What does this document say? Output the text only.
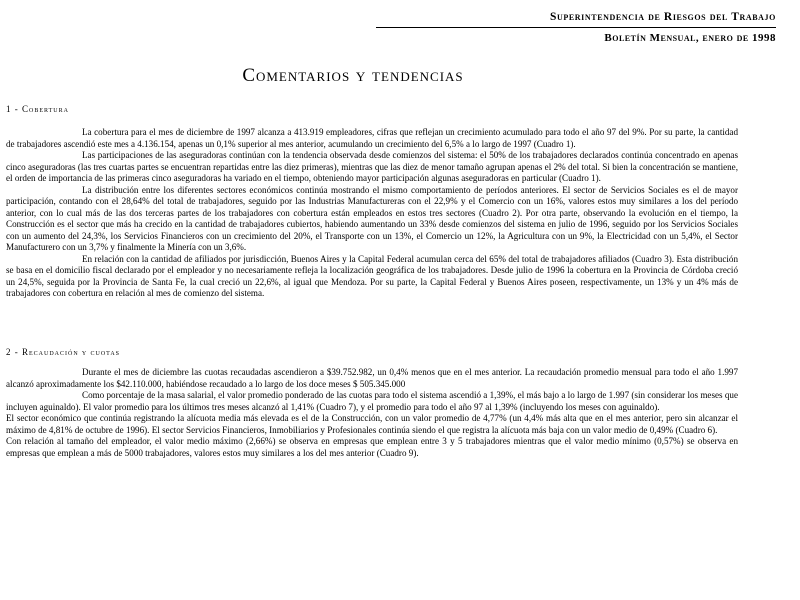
Superintendencia de Riesgos del Trabajo
Boletín Mensual, enero de 1998
Comentarios y tendencias
1 - Cobertura

La cobertura para el mes de diciembre de 1997 alcanza a 413.919 empleadores, cifras que reflejan un crecimiento acumulado para todo el año 97 del 9%. Por su parte, la cantidad de trabajadores ascendió este mes a 4.136.154, apenas un 0,1% superior al mes anterior, acumulando un crecimiento del 6,5% a lo largo de 1997 (Cuadro 1).

Las participaciones de las aseguradoras continúan con la tendencia observada desde comienzos del sistema: el 50% de los trabajadores declarados continúa concentrado en apenas cinco aseguradoras (las tres cuartas partes se encuentran repartidas entre las diez primeras), mientras que las diez de menor tamaño agrupan apenas el 2% del total. Si bien la concentración se mantiene, el orden de importancia de las primeras cinco aseguradoras ha variado en el tiempo, obteniendo mayor participación algunas aseguradoras en particular (Cuadro 1).

La distribución entre los diferentes sectores económicos continúa mostrando el mismo comportamiento de períodos anteriores. El sector de Servicios Sociales es el de mayor participación, contando con el 28,64% del total de trabajadores, seguido por las Industrias Manufactureras con el 22,9% y el Comercio con un 16%, valores estos muy similares a los del período anterior, con lo cual más de las dos terceras partes de los trabajadores con cobertura están empleados en estos tres sectores (Cuadro 2). Por otra parte, observando la evolución en el tiempo, la Construcción es el sector que más ha crecido en la cantidad de trabajadores cubiertos, habiendo aumentando un 33% desde comienzos del sistema en julio de 1996, seguido por los Servicios Sociales con un aumento del 24,3%, los Servicios Financieros con un crecimiento del 20%, el Transporte con un 13%, el Comercio un 12%, la Agricultura con un 9%, la Electricidad con un 5,4%, el Sector Manufacturero con un 3,7% y finalmente la Minería con un 3,6%.

En relación con la cantidad de afiliados por jurisdicción, Buenos Aires y la Capital Federal acumulan cerca del 65% del total de trabajadores afiliados (Cuadro 3). Esta distribución se basa en el domicilio fiscal declarado por el empleador y no necesariamente refleja la localización geográfica de los trabajadores. Desde julio de 1996 la cobertura en la Provincia de Córdoba creció un 24,5%, seguida por la Provincia de Santa Fe, la cual creció un 22,6%, al igual que Mendoza. Por su parte, la Capital Federal y Buenos Aires poseen, respectivamente, un 13% y un 4% más de trabajadores con cobertura en relación al mes de comienzo del sistema.

2 - Recaudación y cuotas

Durante el mes de diciembre las cuotas recaudadas ascendieron a $39.752.982, un 0,4% menos que en el mes anterior. La recaudación promedio mensual para todo el año 1.997 alcanzó aproximadamente los $42.110.000, habiéndose recaudado a lo largo de los doce meses $ 505.345.000

Como porcentaje de la masa salarial, el valor promedio ponderado de las cuotas para todo el sistema ascendió a 1,39%, el más bajo a lo largo de 1.997 (sin considerar los meses que incluyen aguinaldo). El valor promedio para los últimos tres meses alcanzó al 1,41% (Cuadro 7), y el promedio para todo el año 97 al 1,39% (incluyendo los meses con aguinaldo).

El sector económico que continúa registrando la alícuota media más elevada es el de la Construcción, con un valor promedio de 4,77% (un 4,4% más alta que en el mes anterior, pero sin alcanzar el máximo de 4,81% de octubre de 1996). El sector Servicios Financieros, Inmobiliarios y Profesionales continúa siendo el que registra la alícuota más baja con un valor medio de 0,49% (Cuadro 6).

Con relación al tamaño del empleador, el valor medio máximo (2,66%) se observa en empresas que emplean entre 3 y 5 trabajadores mientras que el valor medio mínimo (0,57%) se observa en empresas que emplean a más de 5000 trabajadores, valores estos muy similares a los del mes anterior (Cuadro 9).
